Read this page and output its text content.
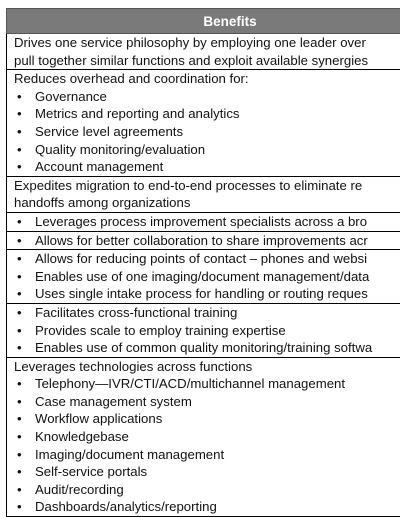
Benefits
Drives one service philosophy by employing one leader over
pull together similar functions and exploit available synergies
Reduces overhead and coordination for:
• Governance
• Metrics and reporting and analytics
• Service level agreements
• Quality monitoring/evaluation
• Account management
Expedites migration to end-to-end processes to eliminate re
handoffs among organizations
• Leverages process improvement specialists across a bro
• Allows for better collaboration to share improvements acr
• Allows for reducing points of contact – phones and websi
• Enables use of one imaging/document management/data
• Uses single intake process for handling or routing reques
• Facilitates cross-functional training
• Provides scale to employ training expertise
• Enables use of common quality monitoring/training softwa
Leverages technologies across functions
• Telephony—IVR/CTI/ACD/multichannel management
• Case management system
• Workflow applications
• Knowledgebase
• Imaging/document management
• Self-service portals
• Audit/recording
• Dashboards/analytics/reporting
